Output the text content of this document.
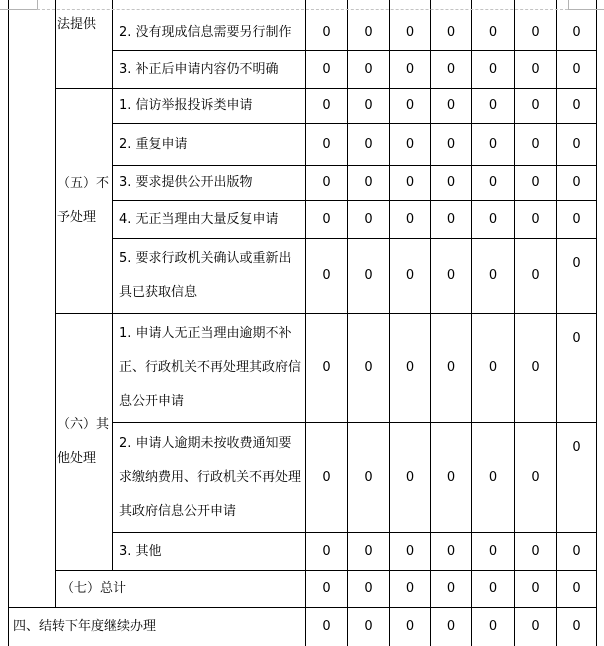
	法提供	2. 没有现成信息需要另行制作	0	0	0	0	0	0	0
		3. 补正后申请内容仍不明确	0	0	0	0	0	0	0
	（五）不予处理	1. 信访举报投诉类申请	0	0	0	0	0	0	0
		2. 重复申请	0	0	0	0	0	0	0
		3. 要求提供公开出版物	0	0	0	0	0	0	0
		4. 无正当理由大量反复申请	0	0	0	0	0	0	0
		5. 要求行政机关确认或重新出具已获取信息	0	0	0	0	0	0	0
	（六）其他处理	1. 申请人无正当理由逾期不补正、行政机关不再处理其政府信息公开申请	0	0	0	0	0	0	0
		2. 申请人逾期未按收费通知要求缴纳费用、行政机关不再处理其政府信息公开申请	0	0	0	0	0	0	0
		3. 其他	0	0	0	0	0	0	0
	（七）总计		0	0	0	0	0	0	0
四、结转下年度继续办理			0	0	0	0	0	0	0
